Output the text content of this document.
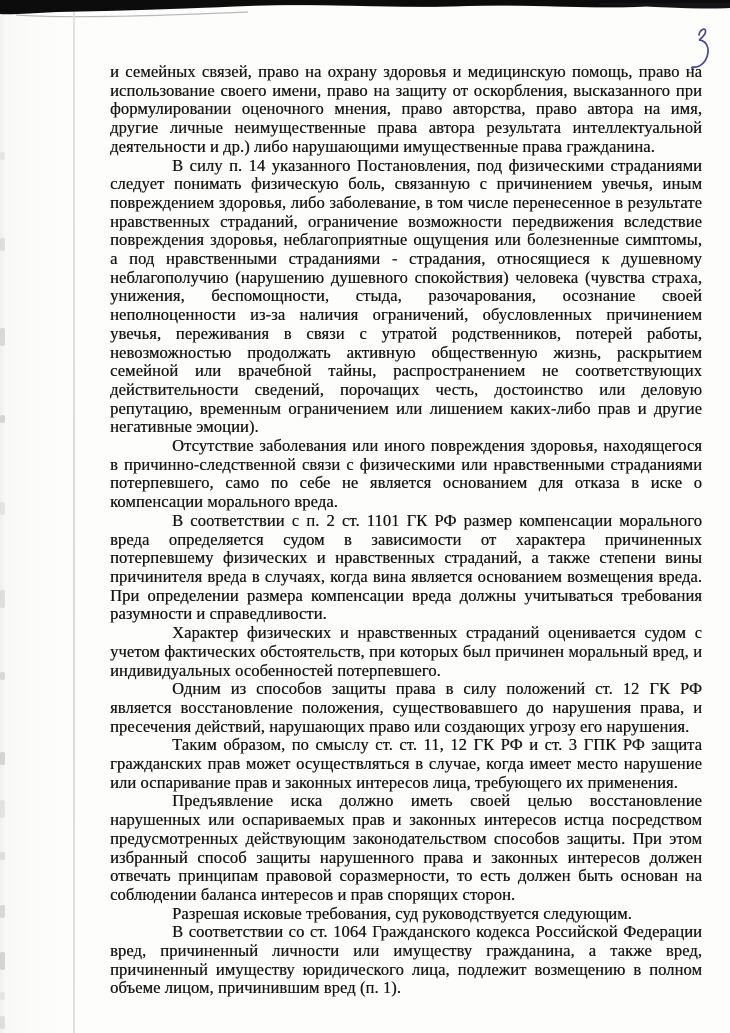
и семейных связей, право на охрану здоровья и медицинскую помощь, право на использование своего имени, право на защиту от оскорбления, высказанного при формулировании оценочного мнения, право авторства, право автора на имя, другие личные неимущественные права автора результата интеллектуальной деятельности и др.) либо нарушающими имущественные права гражданина.

В силу п. 14 указанного Постановления, под физическими страданиями следует понимать физическую боль, связанную с причинением увечья, иным повреждением здоровья, либо заболевание, в том числе перенесенное в результате нравственных страданий, ограничение возможности передвижения вследствие повреждения здоровья, неблагоприятные ощущения или болезненные симптомы, а под нравственными страданиями - страдания, относящиеся к душевному неблагополучию (нарушению душевного спокойствия) человека (чувства страха, унижения, беспомощности, стыда, разочарования, осознание своей неполноценности из-за наличия ограничений, обусловленных причинением увечья, переживания в связи с утратой родственников, потерей работы, невозможностью продолжать активную общественную жизнь, раскрытием семейной или врачебной тайны, распространением не соответствующих действительности сведений, порочащих честь, достоинство или деловую репутацию, временным ограничением или лишением каких-либо прав и другие негативные эмоции).

Отсутствие заболевания или иного повреждения здоровья, находящегося в причинно-следственной связи с физическими или нравственными страданиями потерпевшего, само по себе не является основанием для отказа в иске о компенсации морального вреда.

В соответствии с п. 2 ст. 1101 ГК РФ размер компенсации морального вреда определяется судом в зависимости от характера причиненных потерпевшему физических и нравственных страданий, а также степени вины причинителя вреда в случаях, когда вина является основанием возмещения вреда. При определении размера компенсации вреда должны учитываться требования разумности и справедливости.

Характер физических и нравственных страданий оценивается судом с учетом фактических обстоятельств, при которых был причинен моральный вред, и индивидуальных особенностей потерпевшего.

Одним из способов защиты права в силу положений ст. 12 ГК РФ является восстановление положения, существовавшего до нарушения права, и пресечения действий, нарушающих право или создающих угрозу его нарушения.

Таким образом, по смыслу ст. ст. 11, 12 ГК РФ и ст. 3 ГПК РФ защита гражданских прав может осуществляться в случае, когда имеет место нарушение или оспаривание прав и законных интересов лица, требующего их применения.

Предъявление иска должно иметь своей целью восстановление нарушенных или оспариваемых прав и законных интересов истца посредством предусмотренных действующим законодательством способов защиты. При этом избранный способ защиты нарушенного права и законных интересов должен отвечать принципам правовой соразмерности, то есть должен быть основан на соблюдении баланса интересов и прав спорящих сторон.

Разрешая исковые требования, суд руководствуется следующим.

В соответствии со ст. 1064 Гражданского кодекса Российской Федерации вред, причиненный личности или имуществу гражданина, а также вред, причиненный имуществу юридического лица, подлежит возмещению в полном объеме лицом, причинившим вред (п. 1).
